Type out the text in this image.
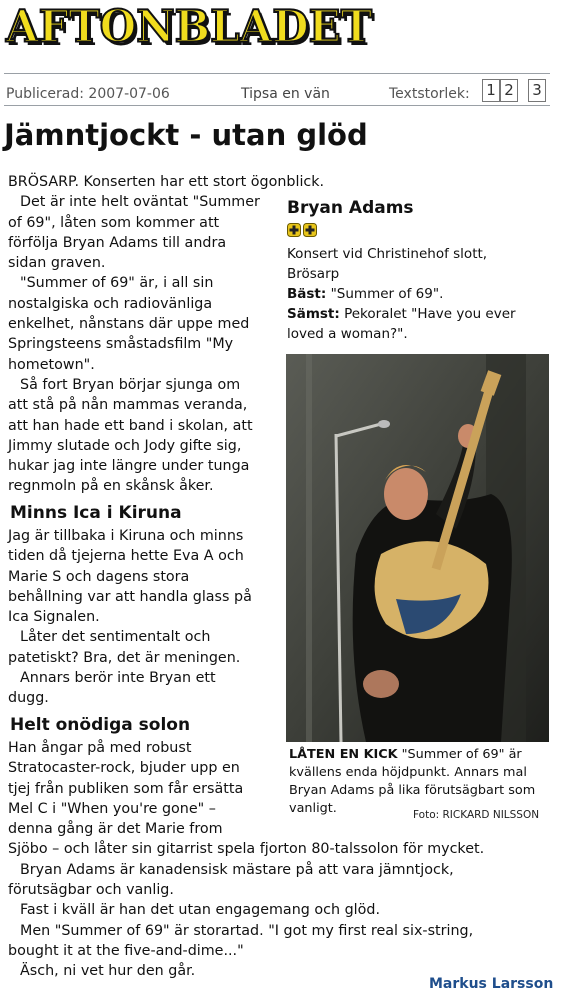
AFTONBLADET
Publicerad: 2007-07-06	Tipsa en vän	Textstorlek: 1 2 3
Jämntjockt - utan glöd
BRÖSARP. Konserten har ett stort ögonblick.
Det är inte helt oväntat "Summer
of 69", låten som kommer att
förfölja Bryan Adams till andra
sidan graven.
"Summer of 69" är, i all sin
nostalgiska och radiovänliga
enkelhet, nånstans där uppe med
Springsteens småstadsfilm "My
hometown".
Så fort Bryan börjar sjunga om
att stå på nån mammas veranda,
att han hade ett band i skolan, att
Jimmy slutade och Jody gifte sig,
hukar jag inte längre under tunga
regnmoln på en skånsk åker.
Minns Ica i Kiruna
Jag är tillbaka i Kiruna och minns
tiden då tjejerna hette Eva A och
Marie S och dagens stora
behållning var att handla glass på
Ica Signalen.
Låter det sentimentalt och
patetiskt? Bra, det är meningen.
Annars berör inte Bryan ett
dugg.
Helt onödiga solon
Han ångar på med robust
Stratocaster-rock, bjuder upp en
tjej från publiken som får ersätta
Mel C i "When you're gone" –
denna gång är det Marie from
Sjöbo – och låter sin gitarrist spela fjorton 80-talssolon för mycket.
Bryan Adams är kanadensisk mästare på att vara jämntjock,
förutsägbar och vanlig.
Fast i kväll är han det utan engagemang och glöd.
Men "Summer of 69" är storartad. "I got my first real six-string,
bought it at the five-and-dime..."
Äsch, ni vet hur den går.
Bryan Adams
Konsert vid Christinehof slott,
Brösarp
Bäst: "Summer of 69".
Sämst: Pekoralet "Have you ever
loved a woman?".
LÅTEN EN KICK "Summer of 69" är
kvällens enda höjdpunkt. Annars mal
Bryan Adams på lika förutsägbart som
vanligt.	Foto: RICKARD NILSSON
Markus Larsson
